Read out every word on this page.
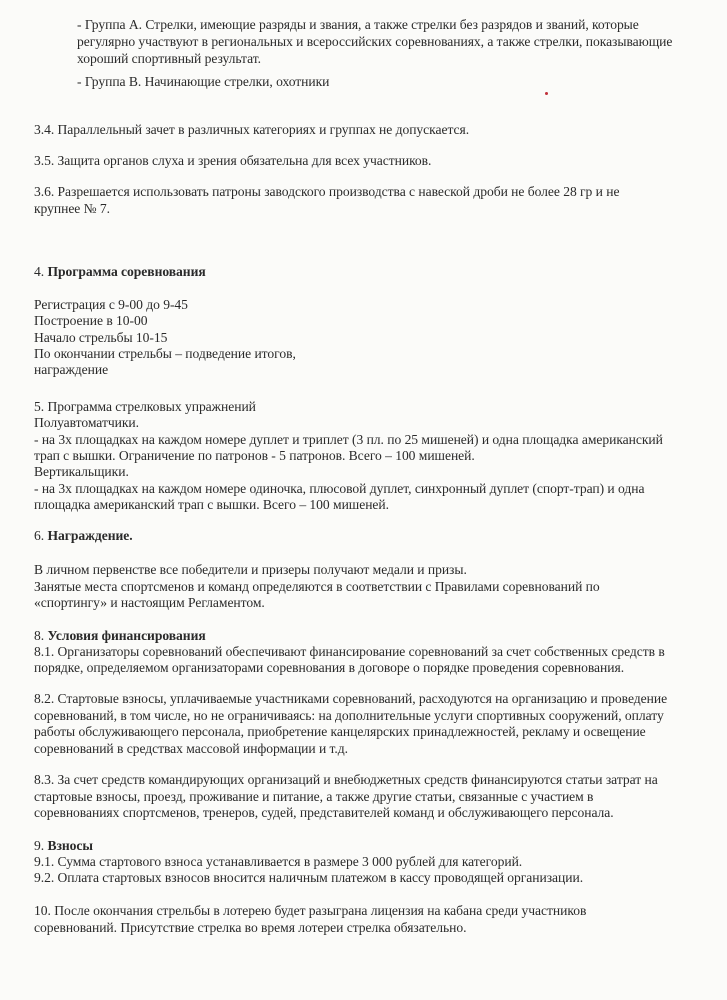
- Группа А. Стрелки, имеющие разряды и звания, а также стрелки без разрядов и званий, которые

регулярно участвуют в региональных и всероссийских соревнованиях, а также стрелки, показывающие

хороший спортивный результат.

- Группа В. Начинающие стрелки, охотники

3.4. Параллельный зачет в различных категориях и группах не допускается.

3.5. Защита органов слуха и зрения обязательна для всех участников.

3.6. Разрешается использовать патроны заводского производства с навеской дроби не более 28 гр и не

крупнее № 7.

4. Программа соревнования

Регистрация с 9-00 до 9-45

Построение в 10-00

Начало стрельбы 10-15

По окончании стрельбы – подведение итогов,

награждение

5. Программа стрелковых упражнений

Полуавтоматчики.

- на 3х площадках на каждом номере дуплет и триплет (3 пл. по 25 мишеней) и одна площадка американский

трап с вышки. Ограничение по патронов - 5 патронов. Всего – 100 мишеней.

Вертикальщики.

- на 3х площадках на каждом номере одиночка, плюсовой дуплет, синхронный дуплет (спорт-трап) и одна

площадка американский трап с вышки. Всего – 100 мишеней.

6. Награждение.

В личном первенстве все победители и призеры получают медали и призы.

Занятые места спортсменов и команд определяются в соответствии с Правилами соревнований по

«спортингу» и настоящим Регламентом.

8. Условия финансирования

8.1. Организаторы соревнований обеспечивают финансирование соревнований за счет собственных средств в

порядке, определяемом организаторами соревнования в договоре о порядке проведения соревнования.

8.2. Стартовые взносы, уплачиваемые участниками соревнований, расходуются на организацию и проведение

соревнований, в том числе, но не ограничиваясь: на дополнительные услуги спортивных сооружений, оплату

работы обслуживающего персонала, приобретение канцелярских принадлежностей, рекламу и освещение

соревнований в средствах массовой информации и т.д.

8.3. За счет средств командирующих организаций и внебюджетных средств финансируются статьи затрат на

стартовые взносы, проезд, проживание и питание, а также другие статьи, связанные с участием в

соревнованиях спортсменов, тренеров, судей, представителей команд и обслуживающего персонала.

9. Взносы

9.1. Сумма стартового взноса устанавливается в размере 3 000 рублей для категорий.

9.2. Оплата стартовых взносов вносится наличным платежом в кассу проводящей организации.

10. После окончания стрельбы в лотерею будет разыграна лицензия на кабана среди участников

соревнований. Присутствие стрелка во время лотереи стрелка обязательно.
